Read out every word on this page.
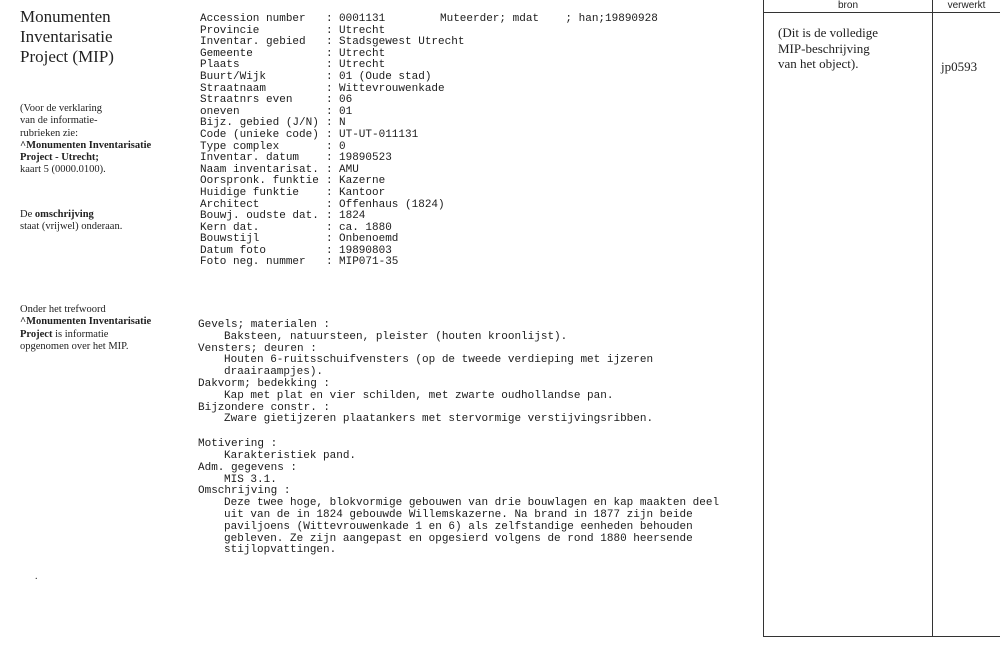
Monumenten
Inventarisatie
Project (MIP)
(Voor de verklaring
van de informatie-
rubrieken zie:
^Monumenten Inventarisatie
Project - Utrecht;
kaart 5 (0000.0100).
De omschrijving
staat (vrijwel) onderaan.
Onder het trefwoord
^Monumenten Inventarisatie
Project is informatie
opgenomen over het MIP.
.
Muteerder; mdat    ; han;19890928
Accession number : 0001131
Provincie	: Utrecht
Inventar. gebied : Stadsgewest Utrecht
Gemeente	: Utrecht
Plaats	: Utrecht
Buurt/Wijk	: 01 (Oude stad)
Straatnaam	: Wittevrouwenkade
Straatnrs even	: 06
oneven	: 01
Bijz. gebied (J/N) : N
Code (unieke code) : UT-UT-011131
Type complex	: 0
Inventar. datum : 19890523
Naam inventarisat. : AMU
Oorspronk. funktie : Kazerne
Huidige funktie : Kantoor
Architect	: Offenhaus (1824)
Bouwj. oudste dat. : 1824
Kern dat.	: ca. 1880
Bouwstijl	: Onbenoemd
Datum foto	: 19890803
Foto neg. nummer : MIP071-35
Gevels; materialen :
Baksteen, natuursteen, pleister (houten kroonlijst).
Vensters; deuren :
Houten 6-ruitsschuifvensters (op de tweede verdieping met ijzeren
draairaampjes).
Dakvorm; bedekking :
Kap met plat en vier schilden, met zwarte oudhollandse pan.
Bijzondere constr. :
Zware gietijzeren plaatankers met stervormige verstijvingsribben.
Motivering :
Karakteristiek pand.
Adm. gegevens :
MIS 3.1.
Omschrijving :
Deze twee hoge, blokvormige gebouwen van drie bouwlagen en kap maakten deel
uit van de in 1824 gebouwde Willemskazerne. Na brand in 1877 zijn beide
paviljoens (Wittevrouwenkade 1 en 6) als zelfstandige eenheden behouden
gebleven. Ze zijn aangepast en opgesierd volgens de rond 1880 heersende
stijlopvattingen.
bron	verwerkt
(Dit is de volledige
MIP-beschrijving
van het object).	jp0593
